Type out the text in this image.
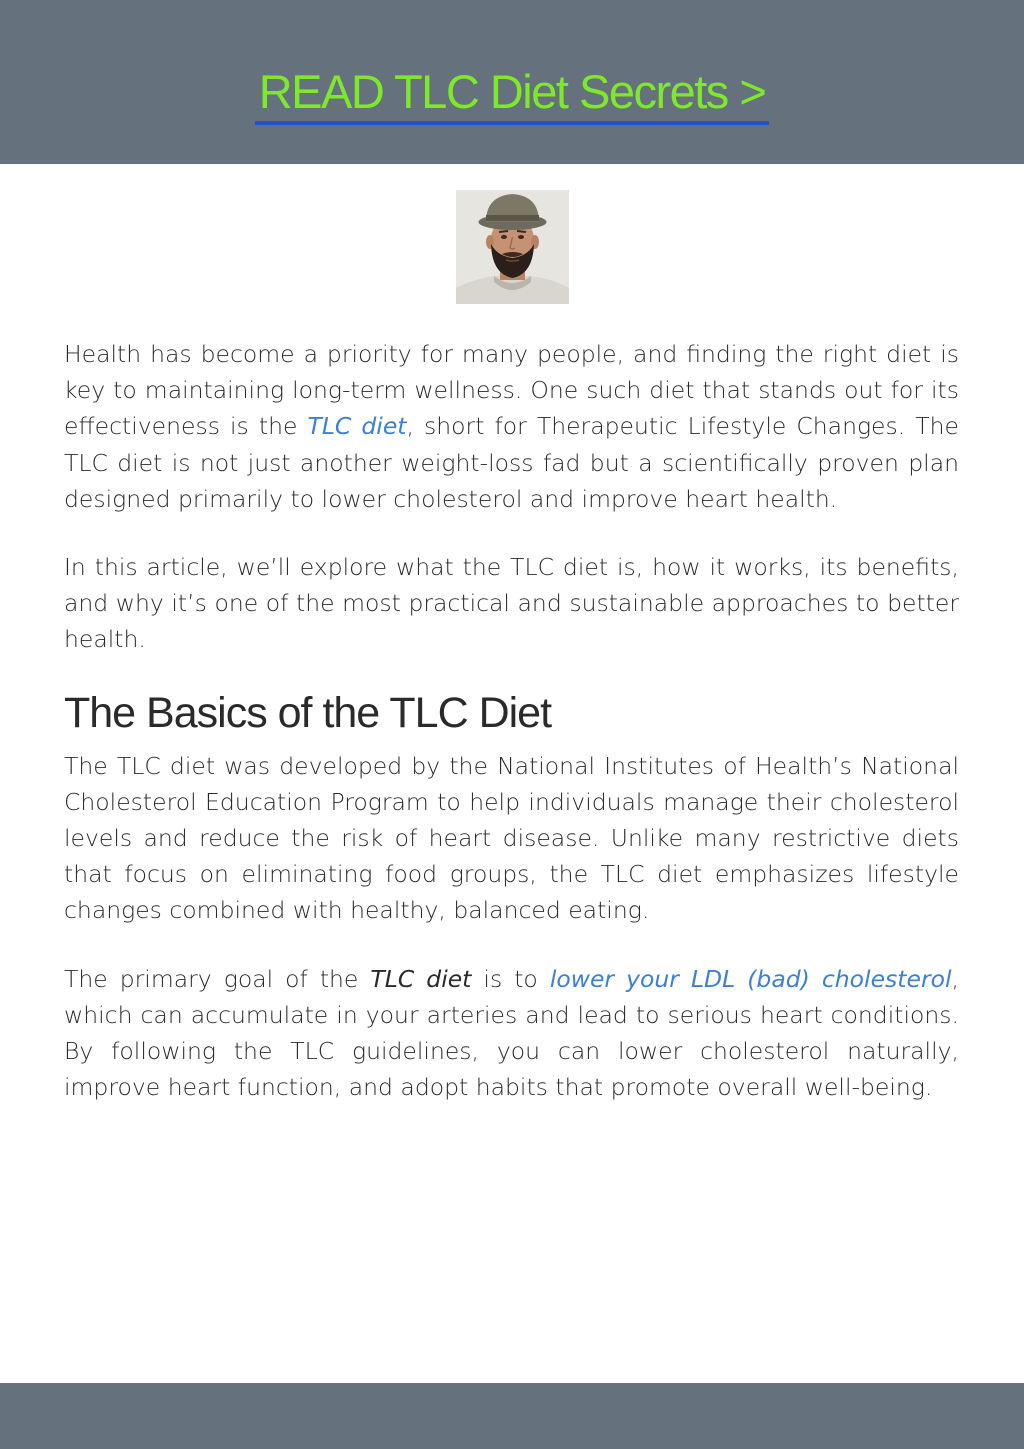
READ TLC Diet Secrets >

Health has become a priority for many people, and finding the right diet is key to maintaining long-term wellness. One such diet that stands out for its effectiveness is the TLC diet, short for Therapeutic Lifestyle Changes. The TLC diet is not just another weight-loss fad but a scientifically proven plan designed primarily to lower cholesterol and improve heart health.

In this article, we’ll explore what the TLC diet is, how it works, its benefits, and why it’s one of the most practical and sustainable approaches to better health.

The Basics of the TLC Diet

The TLC diet was developed by the National Institutes of Health’s National Cholesterol Education Program to help individuals manage their cholesterol levels and reduce the risk of heart disease. Unlike many restrictive diets that focus on eliminating food groups, the TLC diet emphasizes lifestyle changes combined with healthy, balanced eating.

The primary goal of the TLC diet is to lower your LDL (bad) cholesterol, which can accumulate in your arteries and lead to serious heart conditions. By following the TLC guidelines, you can lower cholesterol naturally, improve heart function, and adopt habits that promote overall well-being.
